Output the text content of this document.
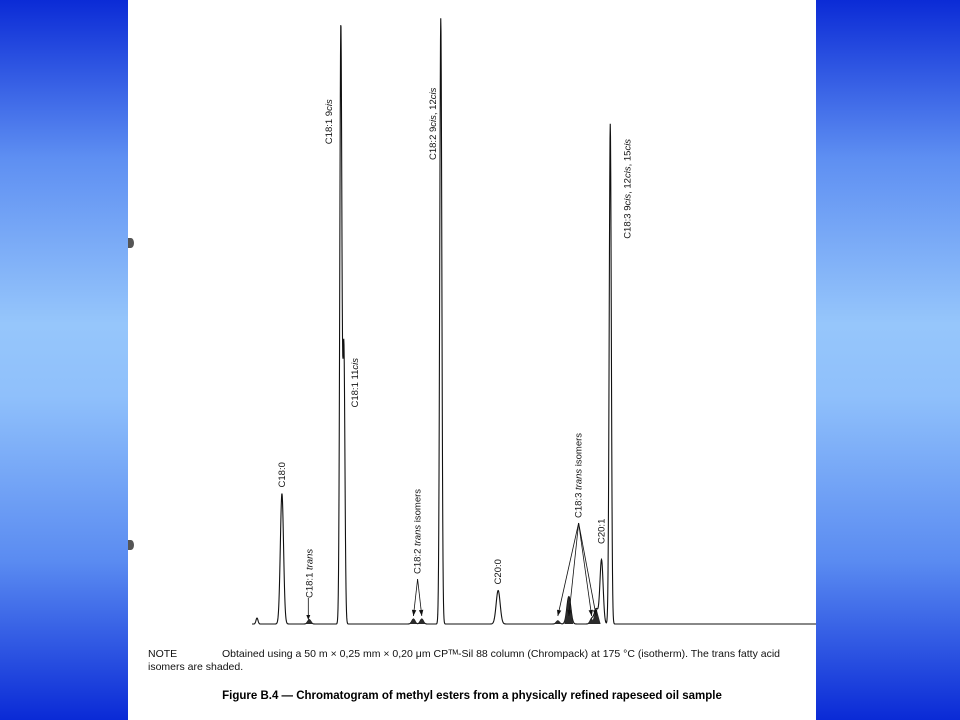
C18:0
C18:1 trans
C18:1 9cis
C18:1 11cis
C18:2 9cis, 12cis
C20:0
C20:1
C18:3 9cis, 12cis, 15cis
C18:2 trans isomers	C18:3 trans isomers
NOTE	Obtained using a 50 m × 0,25 mm × 0,20 μm CPᵀᴹ-Sil 88 column (Chrompack) at 175 °C (isotherm). The trans fatty acid isomers are shaded.
Figure B.4 — Chromatogram of methyl esters from a physically refined rapeseed oil sample
